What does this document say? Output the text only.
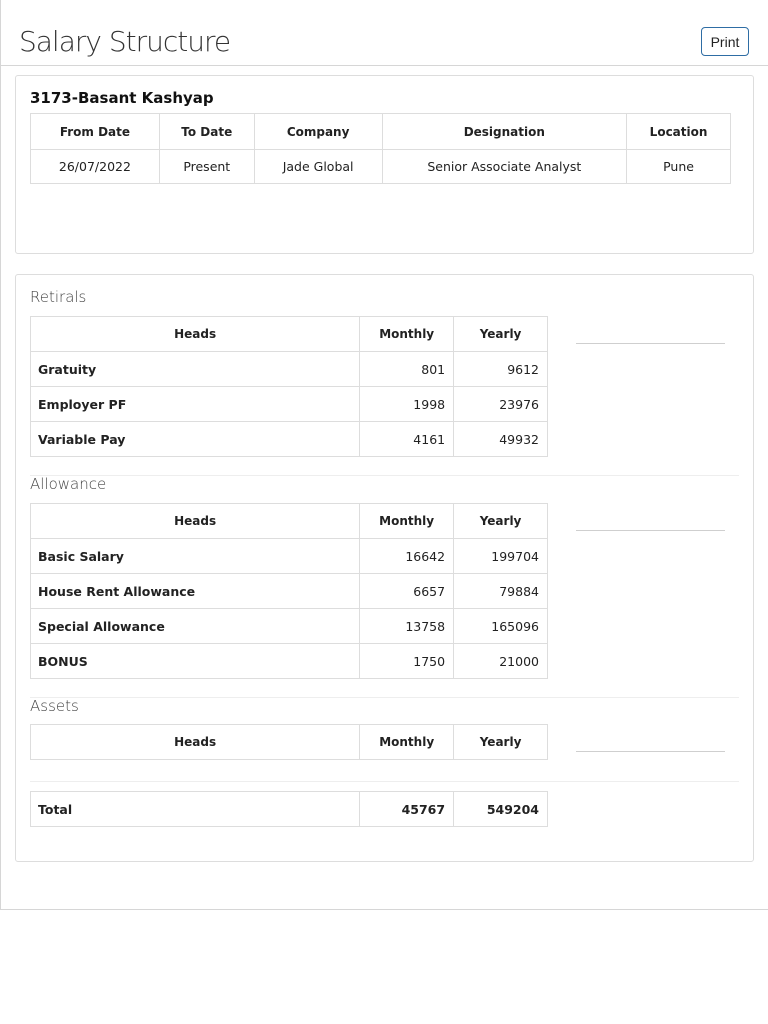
Salary Structure	Print
3173-Basant Kashyap
From Date	To Date	Company	Designation	Location
26/07/2022	Present	Jade Global	Senior Associate Analyst	Pune
Retirals
Heads	Monthly	Yearly
Gratuity	801	9612
Employer PF	1998	23976
Variable Pay	4161	49932
Allowance
Heads	Monthly	Yearly
Basic Salary	16642	199704
House Rent Allowance	6657	79884
Special Allowance	13758	165096
BONUS	1750	21000
Assets
Heads	Monthly	Yearly
Total	45767	549204
